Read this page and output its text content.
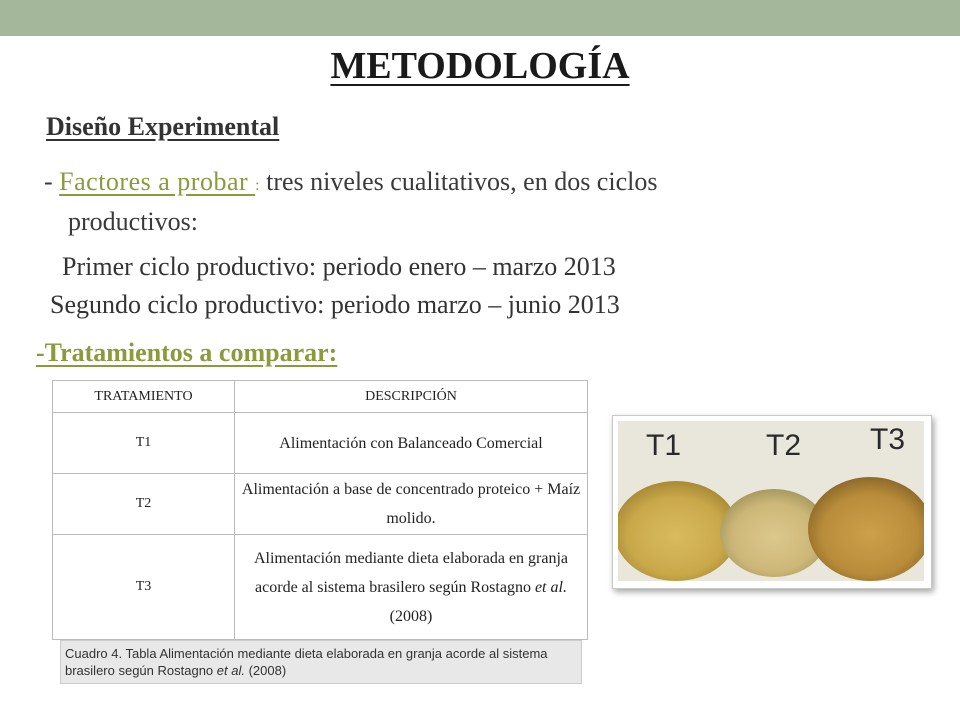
METODOLOGÍA
Diseño Experimental
- Factores a probar : tres niveles cualitativos, en dos ciclos
productivos:
Primer ciclo productivo: periodo enero – marzo 2013
Segundo ciclo productivo: periodo marzo – junio 2013
-Tratamientos a comparar:
TRATAMIENTO	DESCRIPCIÓN
T1	Alimentación con Balanceado Comercial
T2	Alimentación a base de concentrado proteico + Maíz molido.
T3	Alimentación mediante dieta elaborada en granja acorde al sistema brasilero según Rostagno et al. (2008)
Cuadro 4. Tabla Alimentación mediante dieta elaborada en granja acorde al sistema brasilero según Rostagno et al. (2008)
T1	T2 T3
